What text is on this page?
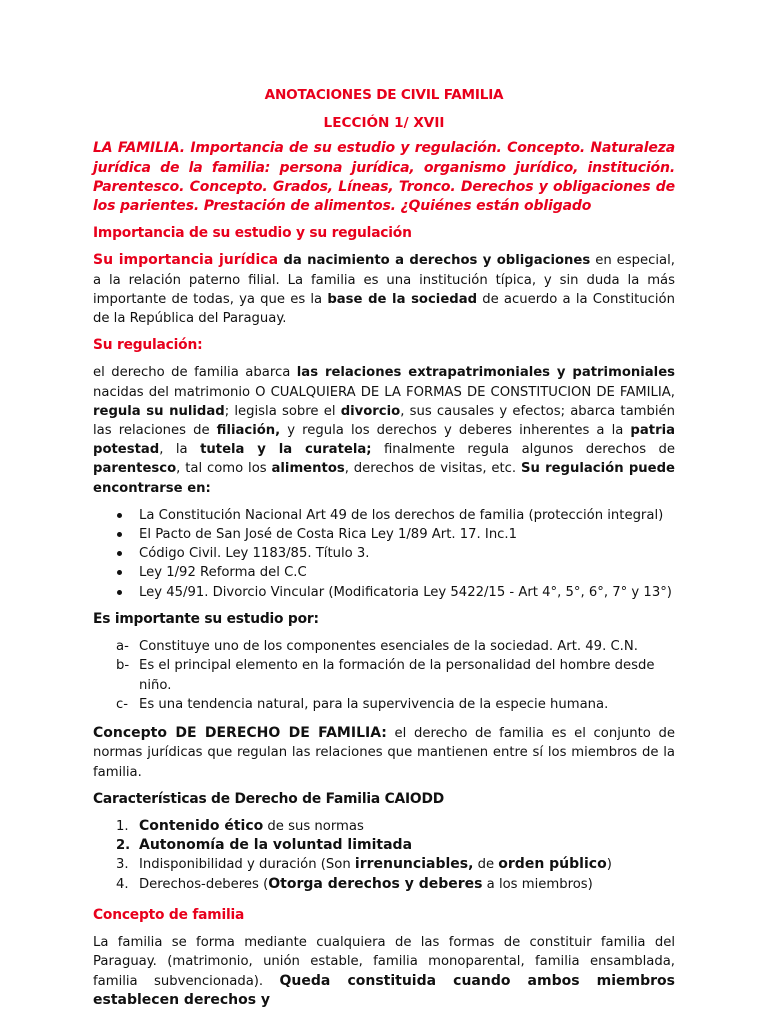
ANOTACIONES DE CIVIL FAMILIA
LECCIÓN 1/ XVII

LA FAMILIA. Importancia de su estudio y regulación. Concepto. Naturaleza jurídica de la familia: persona jurídica, organismo jurídico, institución. Parentesco. Concepto. Grados, Líneas, Tronco. Derechos y obligaciones de los parientes. Prestación de alimentos. ¿Quiénes están obligado

Importancia de su estudio y su regulación

Su importancia jurídica da nacimiento a derechos y obligaciones en especial, a la relación paterno filial. La familia es una institución típica, y sin duda la más importante de todas, ya que es la base de la sociedad de acuerdo a la Constitución de la República del Paraguay.

Su regulación:

el derecho de familia abarca las relaciones extrapatrimoniales y patrimoniales nacidas del matrimonio O CUALQUIERA DE LA FORMAS DE CONSTITUCION DE FAMILIA, regula su nulidad; legisla sobre el divorcio, sus causales y efectos; abarca también las relaciones de filiación, y regula los derechos y deberes inherentes a la patria potestad, la tutela y la curatela; finalmente regula algunos derechos de parentesco, tal como los alimentos, derechos de visitas, etc. Su regulación puede encontrarse en:

La Constitución Nacional Art 49 de los derechos de familia (protección integral)
El Pacto de San José de Costa Rica Ley 1/89 Art. 17. Inc.1
Código Civil. Ley 1183/85. Título 3.
Ley 1/92 Reforma del C.C
Ley 45/91. Divorcio Vincular (Modificatoria Ley 5422/15 - Art 4°, 5°, 6°, 7° y 13°)
Es importante su estudio por:
a- Constituye uno de los componentes esenciales de la sociedad. Art. 49. C.N.
b- Es el principal elemento en la formación de la personalidad del hombre desde niño.
c- Es una tendencia natural, para la supervivencia de la especie humana.

Concepto DE DERECHO DE FAMILIA: el derecho de familia es el conjunto de normas jurídicas que regulan las relaciones que mantienen entre sí los miembros de la familia.

Características de Derecho de Familia CAIODD
1. Contenido ético de sus normas
2. Autonomía de la voluntad limitada
3. Indisponibilidad y duración (Son irrenunciables, de orden público)
4. Derechos-deberes (Otorga derechos y deberes a los miembros)
Concepto de familia

La familia se forma mediante cualquiera de las formas de constituir familia del Paraguay. (matrimonio, unión estable, familia monoparental, familia ensamblada, familia subvencionada). Queda constituida cuando ambos miembros establecen derechos y
